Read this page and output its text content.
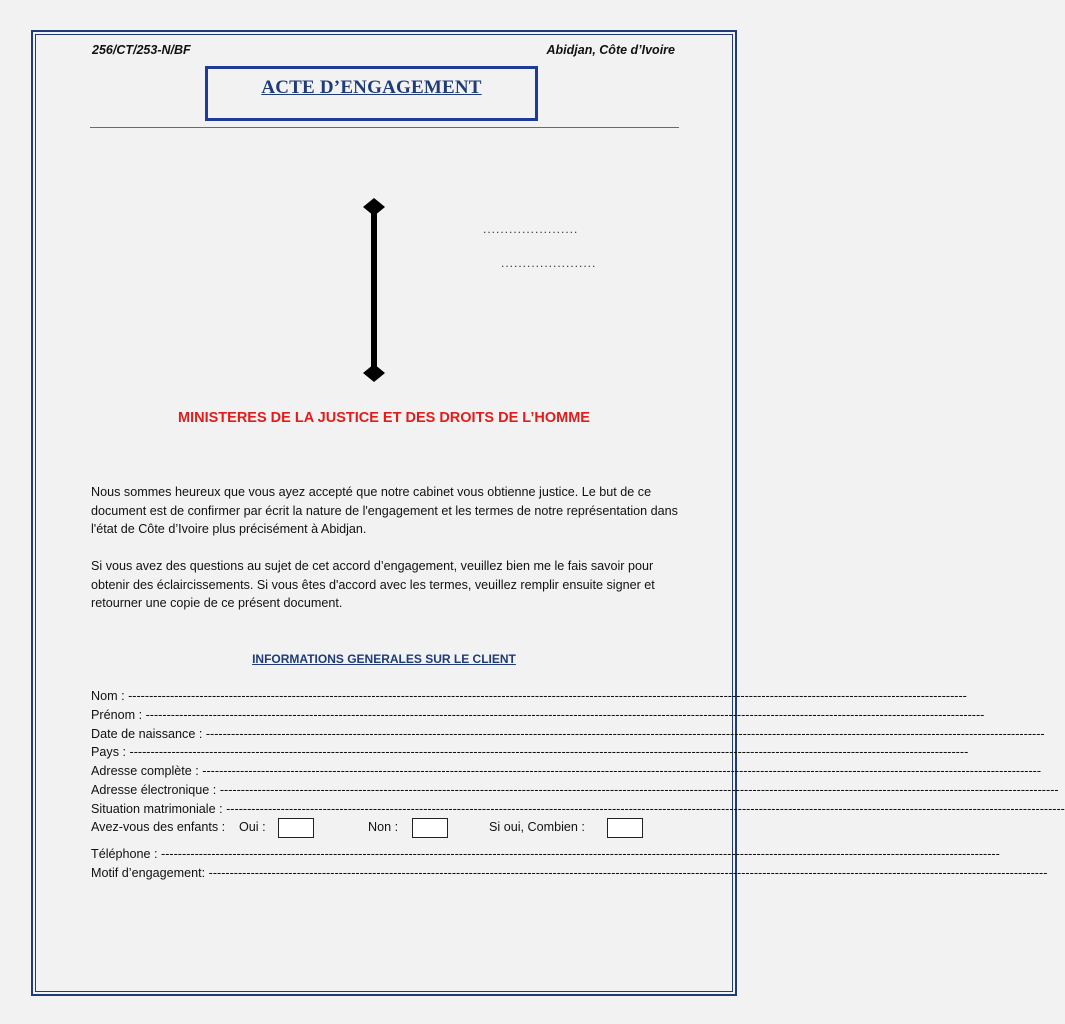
256/CT/253-N/BF	Abidjan, Côte d’Ivoire
ACTE D’ENGAGEMENT
......................
......................
MINISTERES DE LA JUSTICE ET DES DROITS DE L’HOMME
Nous sommes heureux que vous ayez accepté que notre cabinet vous obtienne justice. Le but de ce document est de confirmer par écrit la nature de l'engagement et les termes de notre représentation dans l'état de Côte d’Ivoire plus précisément à Abidjan.
Si vous avez des questions au sujet de cet accord d’engagement, veuillez bien me le fais savoir pour obtenir des éclaircissements. Si vous êtes d'accord avec les termes, veuillez remplir ensuite signer et retourner une copie de ce présent document.
INFORMATIONS GENERALES SUR LE CLIENT
Nom : --------------------------------------------------------------------------------------------------------------------------------------------------------------------------------------------------------
Prénom : --------------------------------------------------------------------------------------------------------------------------------------------------------------------------------------------------------
Date de naissance : --------------------------------------------------------------------------------------------------------------------------------------------------------------------------------------------------------
Pays : --------------------------------------------------------------------------------------------------------------------------------------------------------------------------------------------------------
Adresse complète : --------------------------------------------------------------------------------------------------------------------------------------------------------------------------------------------------------
Adresse électronique : --------------------------------------------------------------------------------------------------------------------------------------------------------------------------------------------------------
Situation matrimoniale : --------------------------------------------------------------------------------------------------------------------------------------------------------------------------------------------------------
Avez-vous des enfants : Oui :	Non :	Si oui, Combien :
Téléphone : --------------------------------------------------------------------------------------------------------------------------------------------------------------------------------------------------------
Motif d’engagement: --------------------------------------------------------------------------------------------------------------------------------------------------------------------------------------------------------
